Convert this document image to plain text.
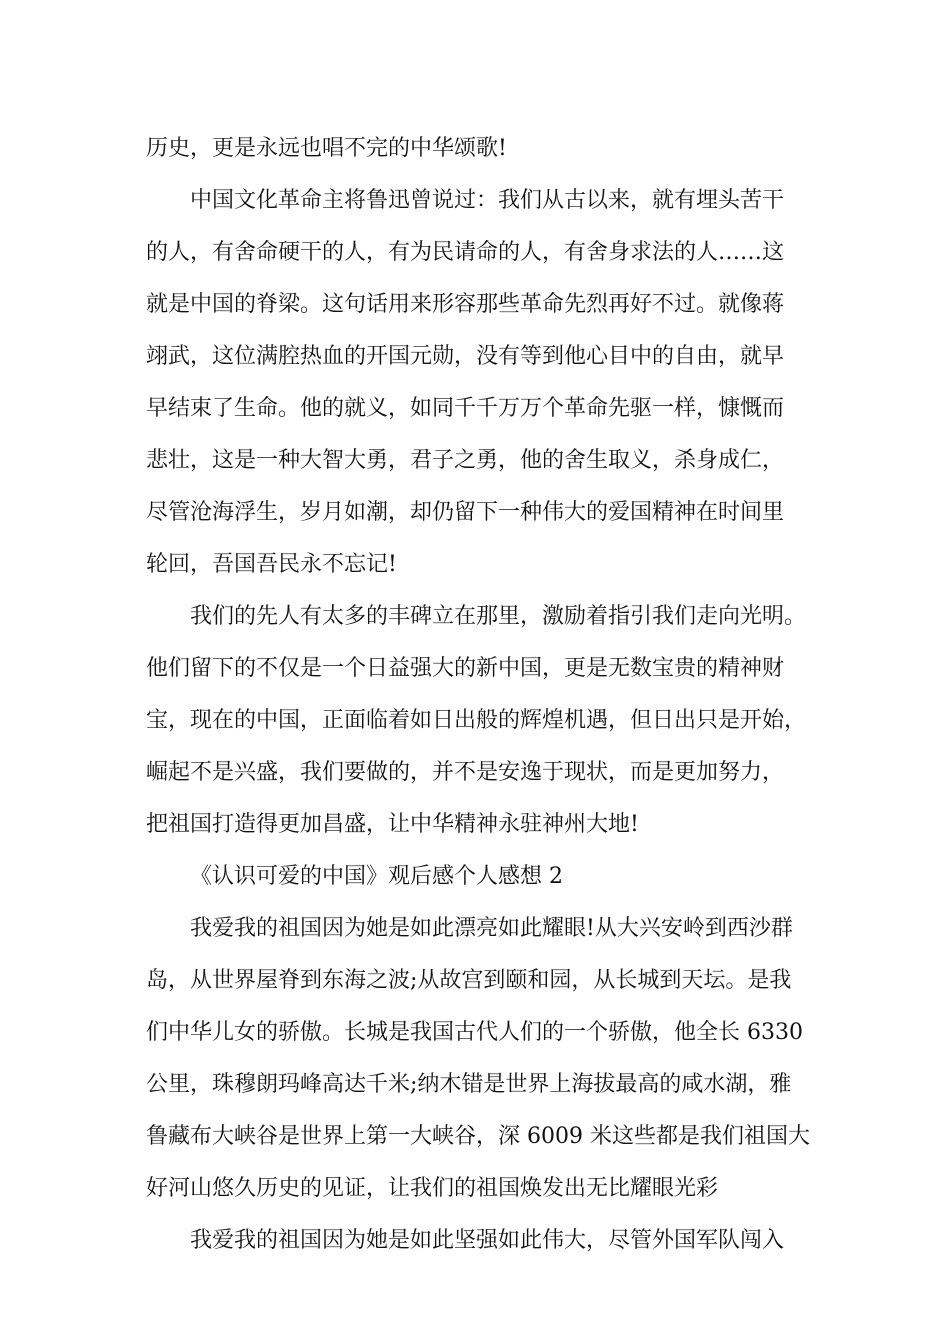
历史，更是永远也唱不完的中华颂歌!
中国文化革命主将鲁迅曾说过：我们从古以来，就有埋头苦干
的人，有舍命硬干的人，有为民请命的人，有舍身求法的人……这
就是中国的脊梁。这句话用来形容那些革命先烈再好不过。就像蒋
翊武，这位满腔热血的开国元勋，没有等到他心目中的自由，就早
早结束了生命。他的就义，如同千千万万个革命先驱一样，慷慨而
悲壮，这是一种大智大勇，君子之勇，他的舍生取义，杀身成仁，
尽管沧海浮生，岁月如潮，却仍留下一种伟大的爱国精神在时间里
轮回，吾国吾民永不忘记!
我们的先人有太多的丰碑立在那里，激励着指引我们走向光明。
他们留下的不仅是一个日益强大的新中国，更是无数宝贵的精神财
宝，现在的中国，正面临着如日出般的辉煌机遇，但日出只是开始，
崛起不是兴盛，我们要做的，并不是安逸于现状，而是更加努力，
把祖国打造得更加昌盛，让中华精神永驻神州大地!
《认识可爱的中国》观后感个人感想 2
我爱我的祖国因为她是如此漂亮如此耀眼!从大兴安岭到西沙群
岛，从世界屋脊到东海之波;从故宫到颐和园，从长城到天坛。是我
们中华儿女的骄傲。长城是我国古代人们的一个骄傲，他全长 6330
公里，珠穆朗玛峰高达千米;纳木错是世界上海拔最高的咸水湖，雅
鲁藏布大峡谷是世界上第一大峡谷，深 6009 米这些都是我们祖国大
好河山悠久历史的见证，让我们的祖国焕发出无比耀眼光彩
我爱我的祖国因为她是如此坚强如此伟大，尽管外国军队闯入
